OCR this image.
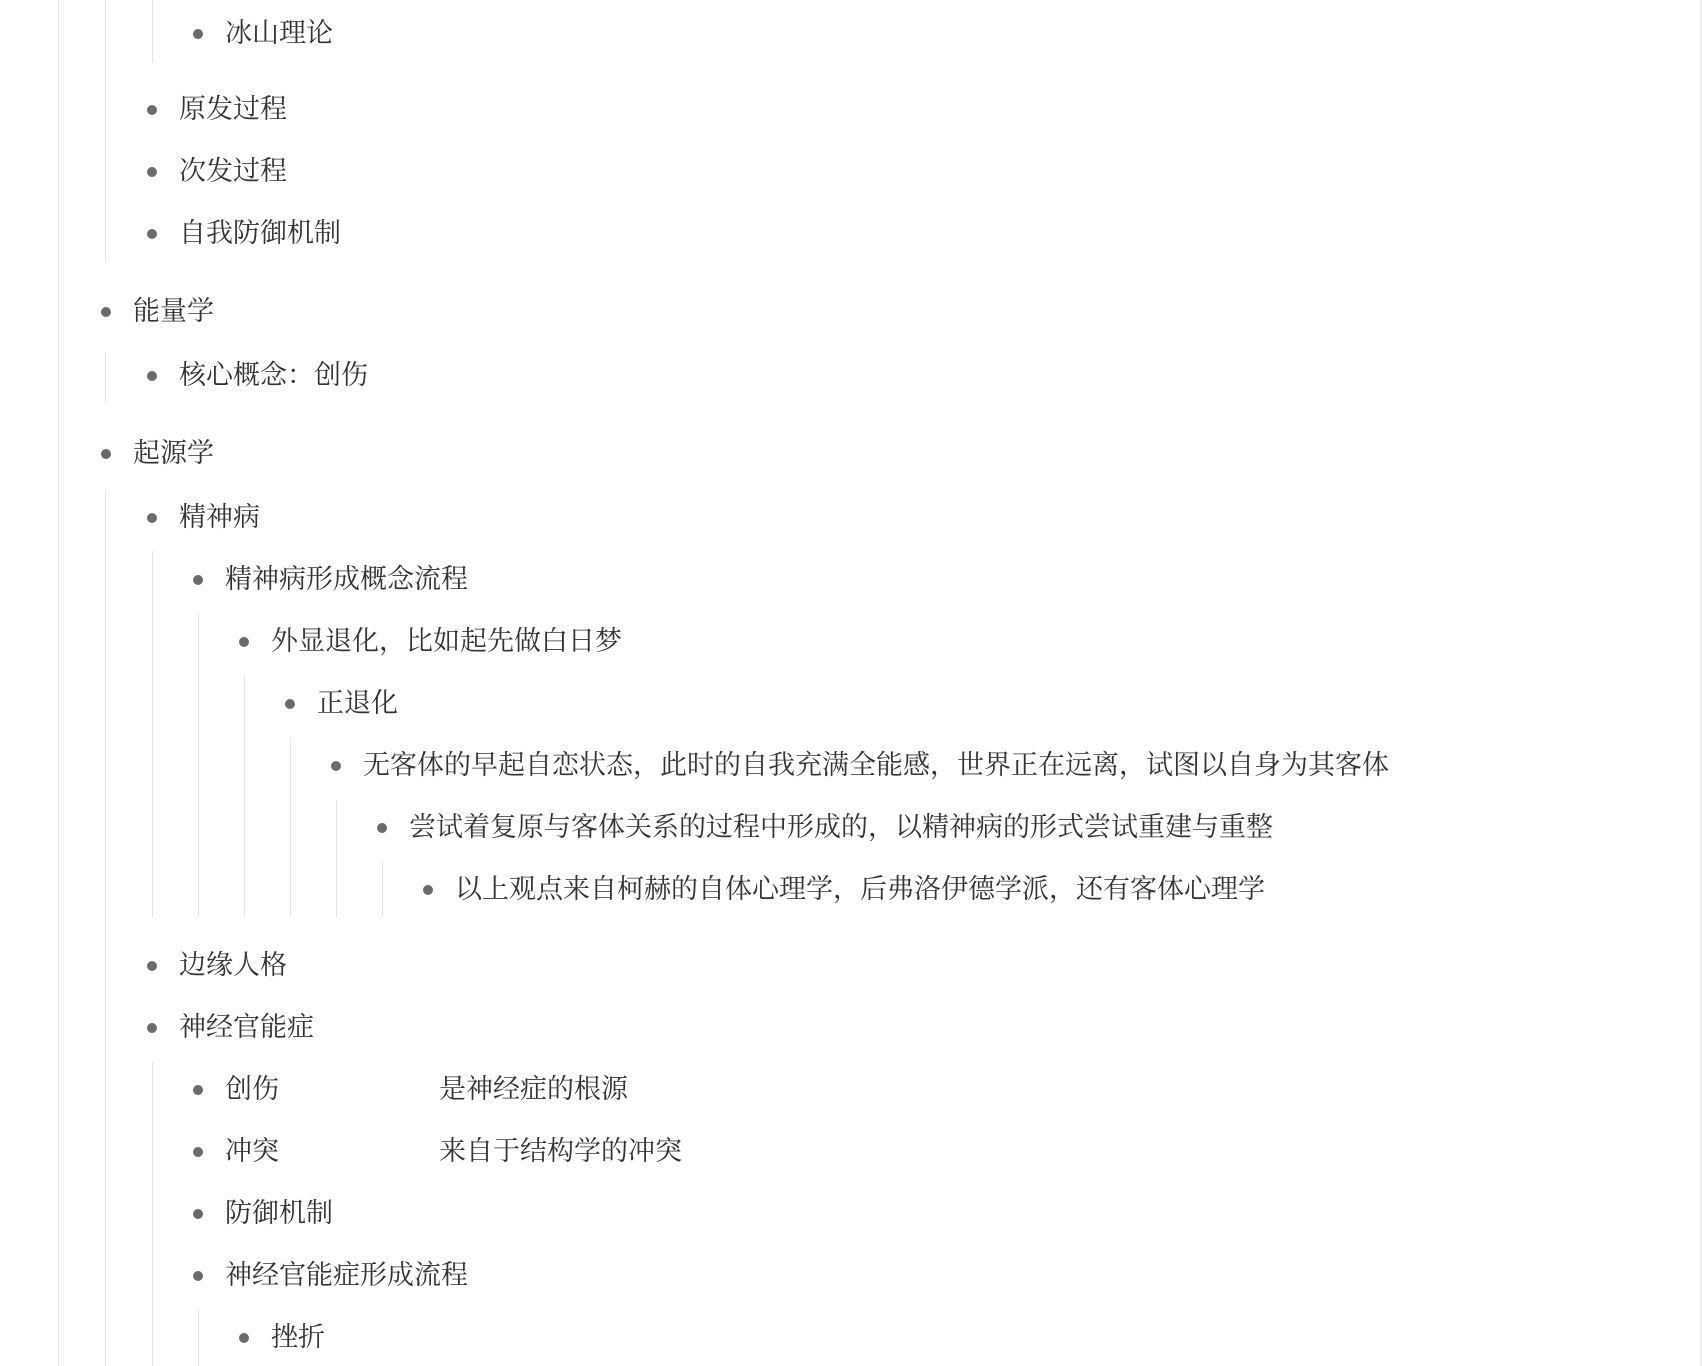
冰山理论
原发过程
次发过程
自我防御机制
能量学
核心概念：创伤
起源学
精神病
精神病形成概念流程
外显退化，比如起先做白日梦
正退化
无客体的早起自恋状态，此时的自我充满全能感，世界正在远离，试图以自身为其客体
尝试着复原与客体关系的过程中形成的，以精神病的形式尝试重建与重整
以上观点来自柯赫的自体心理学，后弗洛伊德学派，还有客体心理学
边缘人格
神经官能症
创伤	是神经症的根源
冲突	来自于结构学的冲突
防御机制
神经官能症形成流程
挫折
